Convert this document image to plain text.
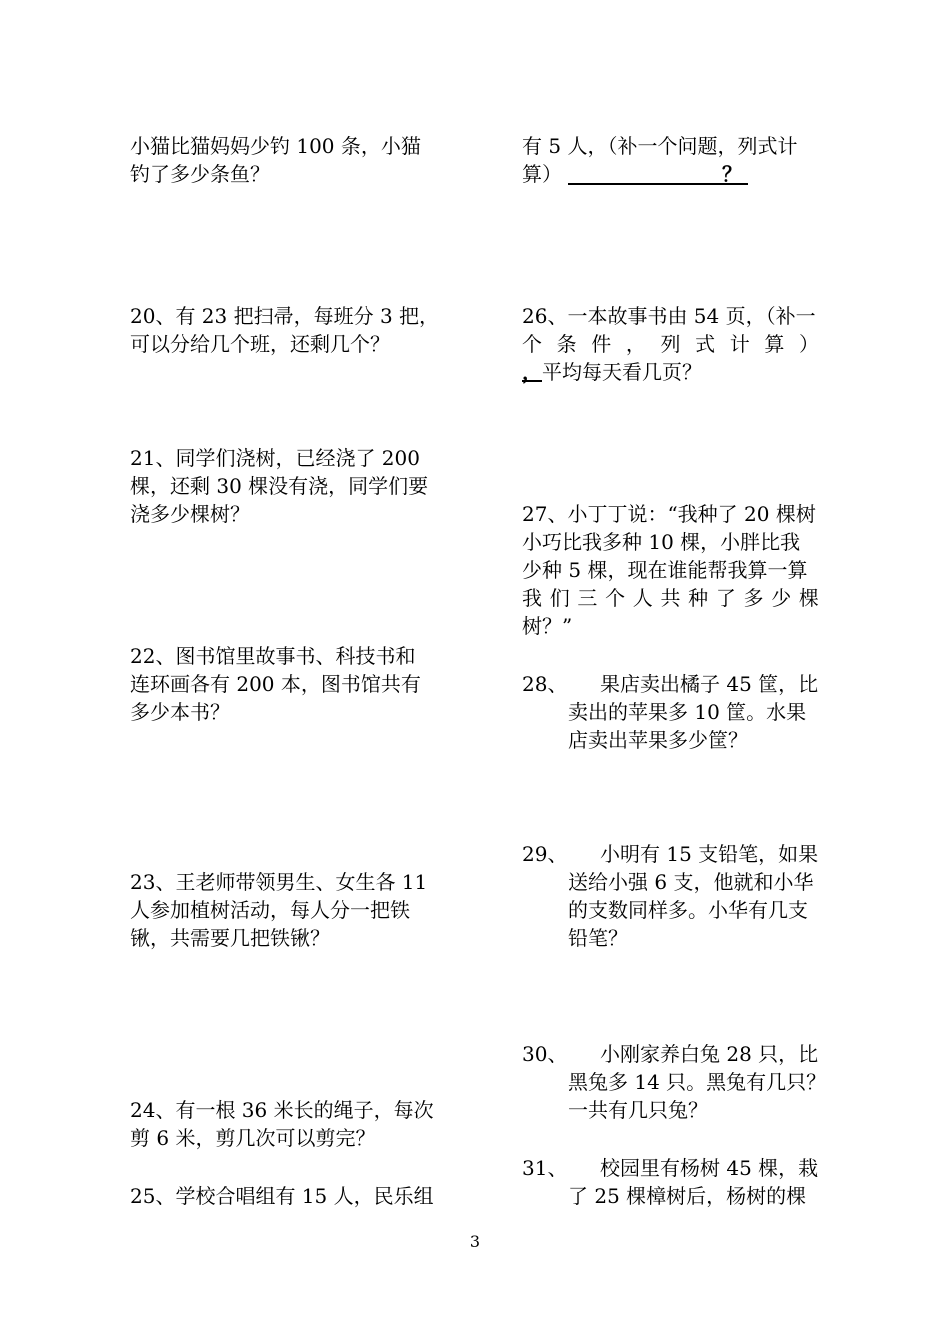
小猫比猫妈妈少钓 100 条，小猫
钓了多少条鱼？
20、有 23 把扫帚，每班分 3 把，
可以分给几个班，还剩几个？
21、同学们浇树，已经浇了 200
棵，还剩 30 棵没有浇，同学们要
浇多少棵树？
22、图书馆里故事书、科技书和
连环画各有 200 本，图书馆共有
多少本书？
23、王老师带领男生、女生各 11
人参加植树活动，每人分一把铁
锹，共需要几把铁锹？
24、有一根 36 米长的绳子，每次
剪 6 米，剪几次可以剪完？
25、学校合唱组有 15 人，民乐组
有 5 人，（补一个问题，列式计
算）	？
26、一本故事书由 54 页，（补一
个 条 件 ， 列 式 计 算 ）
，平均每天看几页？
27、小丁丁说：“我种了 20 棵树
小巧比我多种 10 棵，小胖比我
少种 5 棵，现在谁能帮我算一算
我 们 三 个 人 共 种 了 多 少 棵
树？”
28、 果店卖出橘子 45 筐，比
卖出的苹果多 10 筐。水果
店卖出苹果多少筐？
29、 小明有 15 支铅笔，如果
送给小强 6 支，他就和小华
的支数同样多。小华有几支
铅笔？
30、 小刚家养白兔 28 只，比
黑兔多 14 只。黑兔有几只？
一共有几只兔？
31、 校园里有杨树 45 棵，栽
了 25 棵樟树后，杨树的棵
3
